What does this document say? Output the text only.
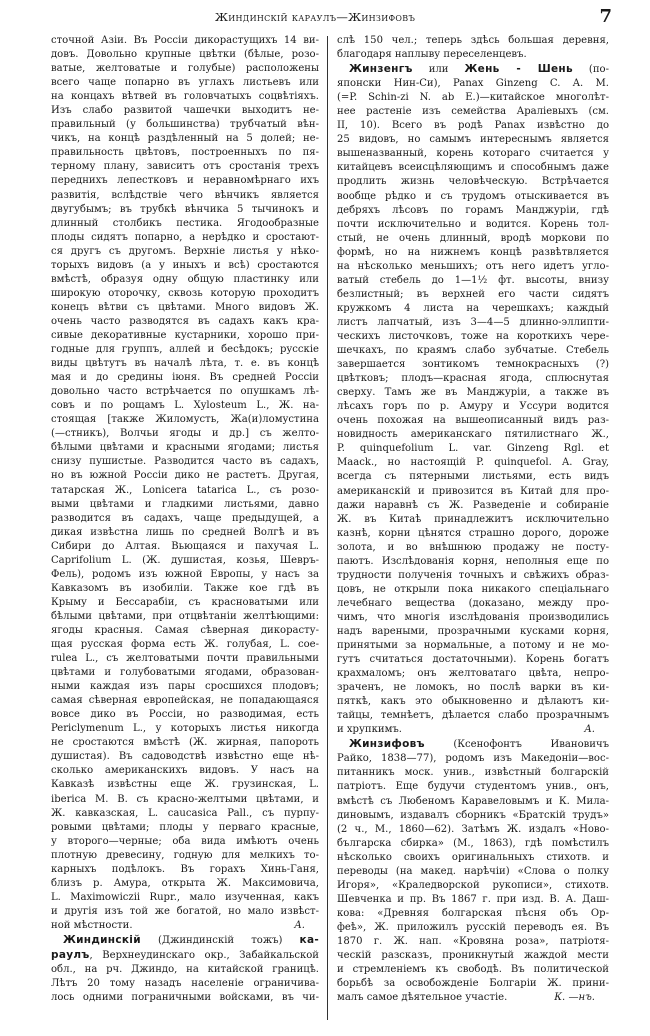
Жиндинскій караулъ—Жинзифовъ	7
сточной Азіи. Въ Россіи дикорастущихъ 14 ви-
довъ. Довольно крупные цвѣтки (бѣлые, розо-
ватые, желтоватые и голубые) расположены
всего чаще попарно въ углахъ листьевъ или
на концахъ вѣтвей въ головчатыхъ соцвѣтіяхъ.
Изъ слабо развитой чашечки выходитъ не-
правильный (у большинства) трубчатый вѣн-
чикъ, на концѣ раздѣленный на 5 долей; не-
правильность цвѣтовъ, построенныхъ по пя-
терному плану, зависитъ отъ сростанія трехъ
переднихъ лепестковъ и неравномѣрнаго ихъ
развитія, вслѣдствіе чего вѣнчикъ является
двугубымъ; въ трубкѣ вѣнчика 5 тычинокъ и
длинный столбикъ пестика. Ягодообразные
плоды сидятъ попарно, а нерѣдко и сростают-
ся другъ съ другомъ. Верхніе листья у нѣко-
торыхъ видовъ (а у иныхъ и всѣ) сростаются
вмѣстѣ, образуя одну общую пластинку или
широкую оторочку, сквозь которую проходитъ
конецъ вѣтви съ цвѣтами. Много видовъ Ж.
очень часто разводятся въ садахъ какъ кра-
сивые декоративные кустарники, хорошо при-
годные для группъ, аллей и бесѣдокъ; русскіе
виды цвѣтутъ въ началѣ лѣта, т. е. въ концѣ
мая и до средины іюня. Въ средней Россіи
довольно часто встрѣчается по опушкамъ лѣ-
совъ и по рощамъ L. Xylosteum L., Ж. на-
стоящая [также Жиломусть, Жа(и)ломустина
(—стникъ), Волчьи ягоды и др.] съ желто-
бѣлыми цвѣтами и красными ягодами; листья
снизу пушистые. Разводится часто въ садахъ,
но въ южной Россіи дико не растетъ. Другая,
татарская Ж., Lonicera tatarica L., съ розо-
выми цвѣтами и гладкими листьями, давно
разводится въ садахъ, чаще предыдущей, а
дикая извѣстна лишь по средней Волгѣ и въ
Сибири до Алтая. Вьющаяся и пахучая L.
Caprifolium L. (Ж. душистая, козья, Шевръ-
Фель), родомъ изъ южной Европы, у насъ за
Кавказомъ въ изобиліи. Также кое гдѣ въ
Крыму и Бессарабіи, съ красноватыми или
бѣлыми цвѣтами, при отцвѣтаніи желтѣющими:
ягоды красныя. Самая сѣверная дикорасту-
щая русская форма есть Ж. голубая, L. coe-
rulea L., съ желтоватыми почти правильными
цвѣтами и голубоватыми ягодами, образован-
ными каждая изъ пары сросшихся плодовъ;
самая сѣверная европейская, не попадающаяся
вовсе дико въ Россіи, но разводимая, есть
Periclymenum L., у которыхъ листья никогда
не сростаются вмѣстѣ (Ж. жирная, папороть
душистая). Въ садоводствѣ извѣстно еще нѣ-
сколько американскихъ видовъ. У насъ на
Кавказѣ извѣстны еще Ж. грузинская, L.
iberica M. B. съ красно-желтыми цвѣтами, и
Ж. кавказская, L. caucasica Pall., съ пурпу-
ровыми цвѣтами; плоды у перваго красные,
у второго—черные; оба вида имѣютъ очень
плотную древесину, годную для мелкихъ то-
карныхъ подѣлокъ. Въ горахъ Хинь-Ганя,
близъ р. Амура, открыта Ж. Максимовича,
L. Maximowiczii Rupr., мало изученная, какъ
и другія изъ той же богатой, но мало извѣст-
ной мѣстности.	А.
Жиндинскій (Джиндинскій тожъ) ка-
раулъ, Верхнеудинскаго окр., Забайкальской
обл., на рч. Джиндо, на китайской границѣ.
Лѣтъ 20 тому назадъ населеніе ограничива-
лось одними пограничными войсками, въ чи-
слѣ 150 чел.; теперь здѣсь большая деревня,
благодаря наплыву переселенцевъ.
Жинзенгъ или Жень - Шень (по-
японски Нин-Си), Panax Ginzeng C. A. M.
(=P. Schin-zi N. ab E.)—китайское многолѣт-
нее растеніе изъ семейства Араліевыхъ (см.
II, 10). Всего въ родѣ Panax извѣстно до
25 видовъ, но самымъ интереснымъ является
вышеназванный, корень котораго считается у
китайцевъ всеисцѣляющимъ и способнымъ даже
продлить жизнь человѣческую. Встрѣчается
вообще рѣдко и съ трудомъ отыскивается въ
дебряхъ лѣсовъ по горамъ Манджуріи, гдѣ
почти исключительно и водится. Корень тол-
стый, не очень длинный, вродѣ моркови по
формѣ, но на нижнемъ концѣ развѣтвляется
на нѣсколько меньшихъ; отъ него идетъ угло-
ватый стебель до 1—1½ фт. высоты, внизу
безлистный; въ верхней его части сидятъ
кружкомъ 4 листа на черешкахъ; каждый
листъ лапчатый, изъ 3—4—5 длинно-эллипти-
ческихъ листочковъ, тоже на короткихъ чере-
шечкахъ, по краямъ слабо зубчатые. Стебель
завершается зонтикомъ темнокрасныхъ (?)
цвѣтковъ; плодъ—красная ягода, сплюснутая
сверху. Тамъ же въ Манджуріи, а также въ
лѣсахъ горъ по р. Амуру и Уссури водится
очень похожая на вышеописанный видъ раз-
новидность американскаго пятилистнаго Ж.,
P. quinquefolium L. var. Ginzeng Rgl. et
Maack., но настоящій P. quinquefol. A. Gray,
всегда съ пятерными листьями, есть видъ
американскій и привозится въ Китай для про-
дажи наравнѣ съ Ж. Разведеніе и собираніе
Ж. въ Китаѣ принадлежитъ исключительно
казнѣ, корни цѣнятся страшно дорого, дороже
золота, и во внѣшнюю продажу не посту-
паютъ. Изслѣдованія корня, неполныя еще по
трудности полученія точныхъ и свѣжихъ образ-
цовъ, не открыли пока никакого спеціальнаго
лечебнаго вещества (доказано, между про-
чимъ, что многія изслѣдованія производились
надъ вареными, прозрачными кусками корня,
принятыми за нормальные, а потому и не мо-
гутъ считаться достаточными). Корень богатъ
крахмаломъ; онъ желтоватаго цвѣта, непро-
зраченъ, не ломокъ, но послѣ варки въ ки-
пяткѣ, какъ это обыкновенно и дѣлаютъ ки-
тайцы, темнѣетъ, дѣлается слабо прозрачнымъ
и хрупкимъ.	А.
Жинзифовъ (Ксенофонтъ Ивановичъ
Райко, 1838—77), родомъ изъ Македоніи—вос-
питанникъ моск. унив., извѣстный болгарскій
патріотъ. Еще будучи студентомъ унив., онъ,
вмѣстѣ съ Любеномъ Каравеловымъ и К. Мила-
диновымъ, издавалъ сборникъ «Братскій трудъ»
(2 ч., М., 1860—62). Затѣмъ Ж. издалъ «Ново-
българска сбирка» (М., 1863), гдѣ помѣстилъ
нѣсколько своихъ оригинальныхъ стихотв. и
переводы (на макед. нарѣчіи) «Слова о полку
Игоря», «Краледворской рукописи», стихотв.
Шевченка и пр. Въ 1867 г. при изд. В. А. Даш-
кова: «Древняя болгарская пѣсня объ Ор-
феѣ», Ж. приложилъ русскій переводъ ея. Въ
1870 г. Ж. нап. «Кровяна роза», патріотя-
ческій разсказъ, проникнутый жаждой мести
и стремленіемъ къ свободѣ. Въ политической
борьбѣ за освобожденіе Болгаріи Ж. прини-
малъ самое дѣятельное участіе.	К. —нъ.
